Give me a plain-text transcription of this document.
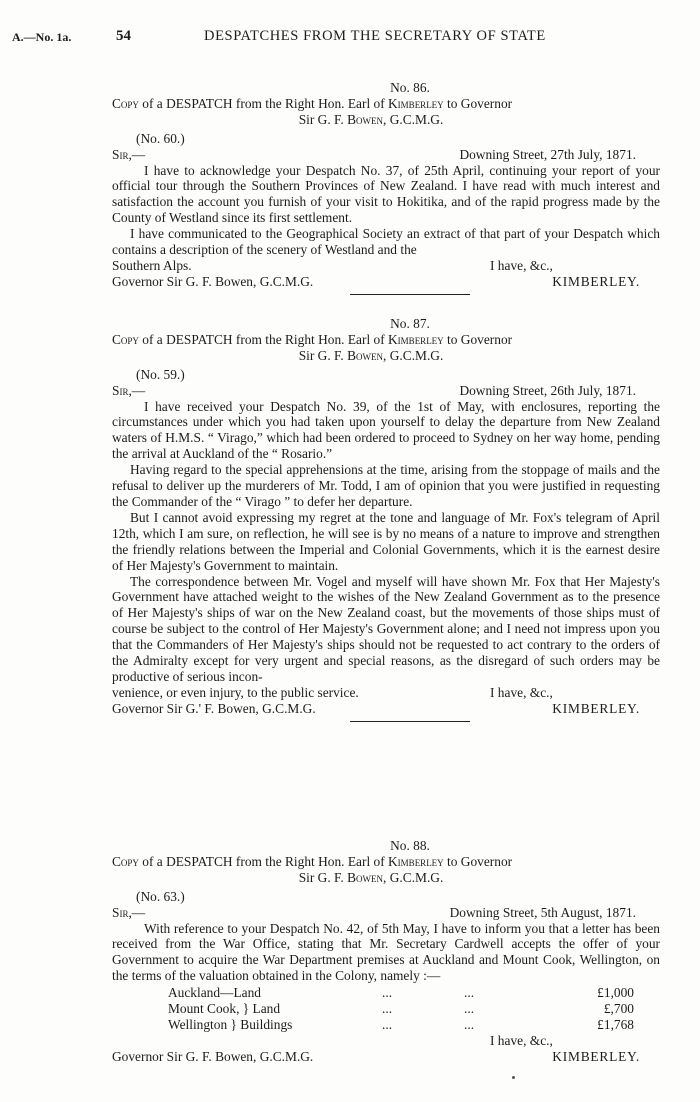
A.—No. 1a.	54	DESPATCHES FROM THE SECRETARY OF STATE
No. 86.
Copy of a DESPATCH from the Right Hon. Earl of Kimberley to Governor
Sir G. F. Bowen, G.C.M.G.
(No. 60.)
Sir,—	Downing Street, 27th July, 1871.

I have to acknowledge your Despatch No. 37, of 25th April, continuing your report of your official tour through the Southern Provinces of New Zealand. I have read with much interest and satisfaction the account you furnish of your visit to Hokitika, and of the rapid progress made by the County of Westland since its first settlement.

I have communicated to the Geographical Society an extract of that part of your Despatch which contains a description of the scenery of Westland and the

Southern Alps.	I have, &c.,
Governor Sir G. F. Bowen, G.C.M.G.	KIMBERLEY.
No. 87.
Copy of a DESPATCH from the Right Hon. Earl of Kimberley to Governor
Sir G. F. Bowen, G.C.M.G.
(No. 59.)
Sir,—	Downing Street, 26th July, 1871.

I have received your Despatch No. 39, of the 1st of May, with enclosures, reporting the circumstances under which you had taken upon yourself to delay the departure from New Zealand waters of H.M.S. “ Virago,” which had been ordered to proceed to Sydney on her way home, pending the arrival at Auckland of the “ Rosario.”

Having regard to the special apprehensions at the time, arising from the stoppage of mails and the refusal to deliver up the murderers of Mr. Todd, I am of opinion that you were justified in requesting the Commander of the “ Virago ” to defer her departure.

But I cannot avoid expressing my regret at the tone and language of Mr. Fox's telegram of April 12th, which I am sure, on reflection, he will see is by no means of a nature to improve and strengthen the friendly relations between the Imperial and Colonial Governments, which it is the earnest desire of Her Majesty's Government to maintain.

The correspondence between Mr. Vogel and myself will have shown Mr. Fox that Her Majesty's Government have attached weight to the wishes of the New Zealand Government as to the presence of Her Majesty's ships of war on the New Zealand coast, but the movements of those ships must of course be subject to the control of Her Majesty's Government alone; and I need not impress upon you that the Commanders of Her Majesty's ships should not be requested to act contrary to the orders of the Admiralty except for very urgent and special reasons, as the disregard of such orders may be productive of serious incon-

venience, or even injury, to the public service.	I have, &c.,
Governor Sir G.' F. Bowen, G.C.M.G.	KIMBERLEY.
No. 88.
Copy of a DESPATCH from the Right Hon. Earl of Kimberley to Governor
Sir G. F. Bowen, G.C.M.G.
(No. 63.)
Sir,—	Downing Street, 5th August, 1871.

With reference to your Despatch No. 42, of 5th May, I have to inform you that a letter has been received from the War Office, stating that Mr. Secretary Cardwell accepts the offer of your Government to acquire the War Department premises at Auckland and Mount Cook, Wellington, on the terms of the valuation obtained in the Colony, namely :—

Auckland—Land	...	...	£1,000
Mount Cook, } Land	...	...	£,700
Wellington } Buildings	...	...	£1,768
I have, &c.,
Governor Sir G. F. Bowen, G.C.M.G.	KIMBERLEY.
